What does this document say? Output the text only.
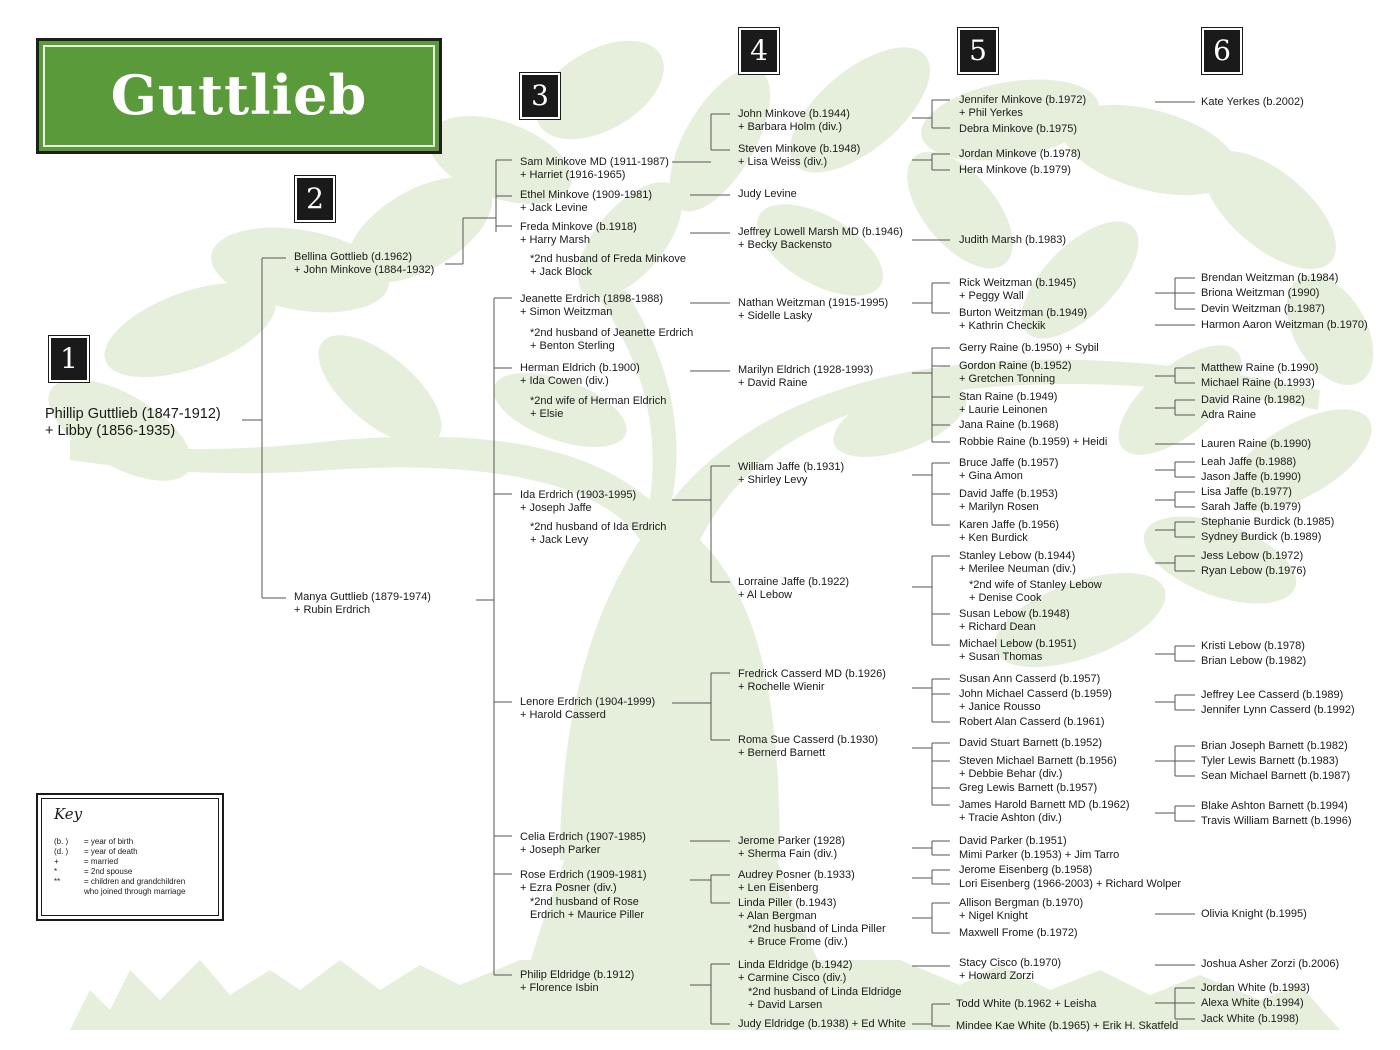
Guttlieb
1
2
3
4	5	6
Phillip Guttlieb (1847-1912)
+ Libby (1856-1935)
Bellina Gottlieb (d.1962)
+ John Minkove (1884-1932)
Manya Guttlieb (1879-1974)
+ Rubin Erdrich
Sam Minkove MD (1911-1987)
+ Harriet (1916-1965)
Ethel Minkove (1909-1981)
+ Jack Levine
Freda Minkove (b.1918)
+ Harry Marsh
*2nd husband of Freda Minkove
+ Jack Block
Jeanette Erdrich (1898-1988)
+ Simon Weitzman
*2nd husband of Jeanette Erdrich
+ Benton Sterling
Herman Eldrich (b.1900)
+ Ida Cowen (div.)
*2nd wife of Herman Eldrich
+ Elsie
Ida Erdrich (1903-1995)
+ Joseph Jaffe
*2nd husband of Ida Erdrich
+ Jack Levy
Lenore Erdrich (1904-1999)
+ Harold Casserd
Celia Erdrich (1907-1985)
+ Joseph Parker
Rose Erdrich (1909-1981)
+ Ezra Posner (div.)
*2nd husband of Rose
Erdrich + Maurice Piller
Philip Eldridge (b.1912)
+ Florence Isbin
John Minkove (b.1944)
+ Barbara Holm (div.)
Steven Minkove (b.1948)
+ Lisa Weiss (div.)
Judy Levine
Jeffrey Lowell Marsh MD (b.1946)
+ Becky Backensto
Nathan Weitzman (1915-1995)
+ Sidelle Lasky
Marilyn Eldrich (1928-1993)
+ David Raine
William Jaffe (b.1931)
+ Shirley Levy
Lorraine Jaffe (b.1922)
+ Al Lebow
Fredrick Casserd MD (b.1926)
+ Rochelle Wienir
Roma Sue Casserd (b.1930)
+ Bernerd Barnett
Jerome Parker (1928)
+ Sherma Fain (div.)
Audrey Posner (b.1933)
+ Len Eisenberg
Linda Piller (b.1943)
+ Alan Bergman
*2nd husband of Linda Piller
+ Bruce Frome (div.)
Linda Eldridge (b.1942)
+ Carmine Cisco (div.)
*2nd husband of Linda Eldridge
+ David Larsen
Judy Eldridge (b.1938) + Ed White
Jennifer Minkove (b.1972)
+ Phil Yerkes
Debra Minkove (b.1975)
Jordan Minkove (b.1978)
Hera Minkove (b.1979)
Judith Marsh (b.1983)
Rick Weitzman (b.1945)
+ Peggy Wall
Burton Weitzman (b.1949)
+ Kathrin Checkik
Gerry Raine (b.1950) + Sybil
Gordon Raine (b.1952)
+ Gretchen Tonning
Stan Raine (b.1949)
+ Laurie Leinonen
Jana Raine (b.1968)
Robbie Raine (b.1959) + Heidi
Bruce Jaffe (b.1957)
+ Gina Amon
David Jaffe (b.1953)
+ Marilyn Rosen
Karen Jaffe (b.1956)
+ Ken Burdick
Stanley Lebow (b.1944)
+ Merilee Neuman (div.)
*2nd wife of Stanley Lebow
+ Denise Cook
Susan Lebow (b.1948)
+ Richard Dean
Michael Lebow (b.1951)
+ Susan Thomas
Susan Ann Casserd (b.1957)
John Michael Casserd (b.1959)
+ Janice Rousso
Robert Alan Casserd (b.1961)
David Stuart Barnett (b.1952)
Steven Michael Barnett (b.1956)
+ Debbie Behar (div.)
Greg Lewis Barnett (b.1957)
James Harold Barnett MD (b.1962)
+ Tracie Ashton (div.)
David Parker (b.1951)
Mimi Parker (b.1953) + Jim Tarro
Jerome Eisenberg (b.1958)
Lori Eisenberg (1966-2003) + Richard Wolper
Allison Bergman (b.1970)
+ Nigel Knight
Maxwell Frome (b.1972)
Stacy Cisco (b.1970)
+ Howard Zorzi
Todd White (b.1962 + Leisha
Mindee Kae White (b.1965) + Erik H. Skatfeld
Kate Yerkes (b.2002)
Brendan Weitzman (b.1984)
Briona Weitzman (1990)
Devin Weitzman (b.1987)
Harmon Aaron Weitzman (b.1970)
Matthew Raine (b.1990)
Michael Raine (b.1993)
David Raine (b.1982)
Adra Raine
Lauren Raine (b.1990)
Leah Jaffe (b.1988)
Jason Jaffe (b.1990)
Lisa Jaffe (b.1977)
Sarah Jaffe (b.1979)
Stephanie Burdick (b.1985)
Sydney Burdick (b.1989)
Jess Lebow (b.1972)
Ryan Lebow (b.1976)
Kristi Lebow (b.1978)
Brian Lebow (b.1982)
Jeffrey Lee Casserd (b.1989)
Jennifer Lynn Casserd (b.1992)
Brian Joseph Barnett (b.1982)
Tyler Lewis Barnett (b.1983)
Sean Michael Barnett (b.1987)
Blake Ashton Barnett (b.1994)
Travis William Barnett (b.1996)
Olivia Knight (b.1995)
Joshua Asher Zorzi (b.2006)
Jordan White (b.1993)
Alexa White (b.1994)
Jack White (b.1998)
Key
(b. ) = year of birth
(d. ) = year of death
+	= married
*	= 2nd spouse
**	= children and grandchildren
who joined through marriage
